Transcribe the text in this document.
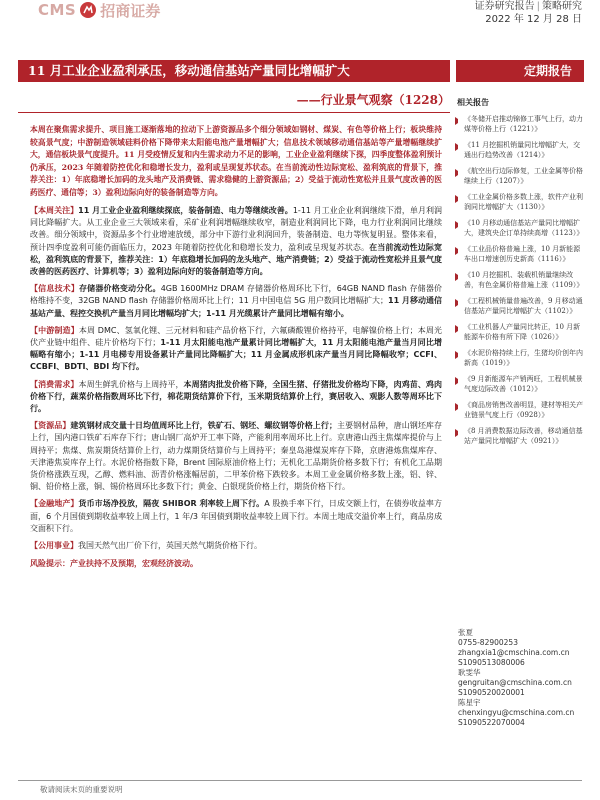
CMS 招商证券	证券研究报告 | 策略研究
2022 年 12 月 28 日
11 月工业企业盈利承压，移动通信基站产量同比增幅扩大	定期报告
——行业景气观察（1228）

本周在聚焦需求提升、项目施工逐渐落地的拉动下上游资源品多个细分领域如钢材、煤炭、有色等价格上行；板块维持较高景气度；中游制造领域硅料价格下降带来太阳能电池产量增幅扩大；信息技术领域移动通信基站等产量增幅继续扩大，通信板块景气度提升。11 月受疫情反复和内生需求动力不足的影响，工业企业盈利继续下探，四季度整体盈利预计仍承压，2023 年随着防控优化和稳增长发力，盈利或呈现复苏状态。在当前流动性边际宽松、盈利筑底的背景下，推荐关注：1）年底稳增长加码的龙头地产及消费链、需求稳健的上游资源品；2）受益于流动性宽松并且景气度改善的医药医疗、通信等；3）盈利边际向好的装备制造等方向。

【本周关注】11 月工业企业盈利继续探底，装备制造、电力等继续改善。1-11 月工业企业利润继续下滑，单月利润同比降幅扩大。从工业企业三大领域来看，采矿业利润增幅继续收窄，制造业利润同比下降，电力行业利润同比继续改善。细分领域中，资源品多个行业增速放缓，部分中下游行业利润回升，装备制造、电力等恢复明显。整体来看，预计四季度盈利可能仍面临压力，2023 年随着防控优化和稳增长发力，盈利或呈现复苏状态。在当前流动性边际宽松，盈利筑底的背景下，推荐关注：1）年底稳增长加码的龙头地产、地产消费链；2）受益于流动性宽松并且景气度改善的医药医疗、计算机等；3）盈利边际向好的装备制造等方向。

【信息技术】存储器价格变动分化。4GB 1600MHz DRAM 存储器价格周环比下行，64GB NAND flash 存储器价格维持不变，32GB NAND flash 存储器价格周环比上行；11 月中国电信 5G 用户数同比增幅扩大；11 月移动通信基站产量、程控交换机产量当月同比增幅均扩大；1-11 月光缆累计产量同比增幅有缩小。

【中游制造】本周 DMC、氢氧化锂、三元材料和硅产品价格下行，六氟磷酸锂价格持平，电解镍价格上行；本周光伏产业链中组件、硅片价格均下行；1-11 月太阳能电池产量累计同比增幅扩大，11 月太阳能电池产量当月同比增幅略有缩小；1-11 月电梯专用设备累计产量同比降幅扩大；11 月金属成形机床产量当月同比降幅收窄；CCFI、CCBFI、BDTI、BDI 均下行。

【消费需求】本周生鲜乳价格与上周持平，本周猪肉批发价格下降，全国生猪、仔猪批发价格均下降，肉鸡苗、鸡肉价格下行，蔬菜价格指数周环比下行，棉花期货结算价下行，玉米期货结算价上行，赛居收入、观影人数等周环比下行。

【资源品】建筑钢材成交量十日均值周环比上行，铁矿石、钢坯、螺纹钢等价格上行；主要钢材品种，唐山钢坯库存上行，国内港口铁矿石库存下行；唐山钢厂高炉开工率下降，产能利用率周环比上行。京唐港山西主焦煤库提价与上周持平；焦煤、焦炭期货结算价上行，动力煤期货结算价与上周持平；秦皇岛港煤炭库存下降，京唐港炼焦煤库存、天津港焦炭库存上行。水泥价格指数下降，Brent 国际原油价格上行；无机化工品期货价格多数下行；有机化工品期货价格涨跌互现，乙醇、燃料油、沥青价格涨幅居前，二甲苯价格下跌较多。本周工业金属价格多数上涨，铝、锌、铜、铅价格上涨，铜、锡价格周环比多数下行；黄金、白银现货价格上行，期货价格下行。

【金融地产】货币市场净投放，隔夜 SHIBOR 利率较上周下行。A 股换手率下行，日成交额上行，在债券收益率方面，6 个月国债到期收益率较上周上行，1 年/3 年国债到期收益率较上周下行。本周土地成交溢价率上行，商品房成交面积下行。

【公用事业】我国天然气出厂价下行，英国天然气期货价格下行。

风险提示：产业扶持不及预期，宏观经济波动。

相关报告
《冬储开启推动锦修工事气上行，动力煤等价格上行（1221）》
《11 月挖掘机销量同比增幅扩大，交通出行趋势改善（1214）》
《航空出行边际修复，工业金属等价格继续上行（1207）》
《工业金属价格多数上涨，软件产业利润同比增幅扩大（1130）》
《10 月移动通信基站产量同比增幅扩大，建筑央企订单持续高增（1123）》
《工业品价格普遍上涨，10 月新能源车出口增速创历史新高（1116）》
《10 月挖掘机、装载机销量继续改善，有色金属价格普遍上涨（1109）》
《工程机械销量普遍改善，9 月移动通信基站产量同比增幅扩大（1102）》
《工业机器人产量同比转正，10 月新能源车价格有所下降（1026）》
《水泥价格持续上行，生猪均价创年内新高（1019）》
《9 月新能源车产销两旺，工程机械景气度边际改善（1012）》
《商品房销售改善明显，建材等相关产业链景气度上行（0928）》
《8 月消费数据边际改善，移动通信基站产量同比增幅扩大（0921）》
张夏
0755-82900253
zhangxia1@cmschina.com.cn
S1090513080006
耿雯华
gengruitan@cmschina.com.cn
S1090520020001
陈星宇
chenxingyu@cmschina.com.cn
S1090522070004
敬请阅读末页的重要说明
